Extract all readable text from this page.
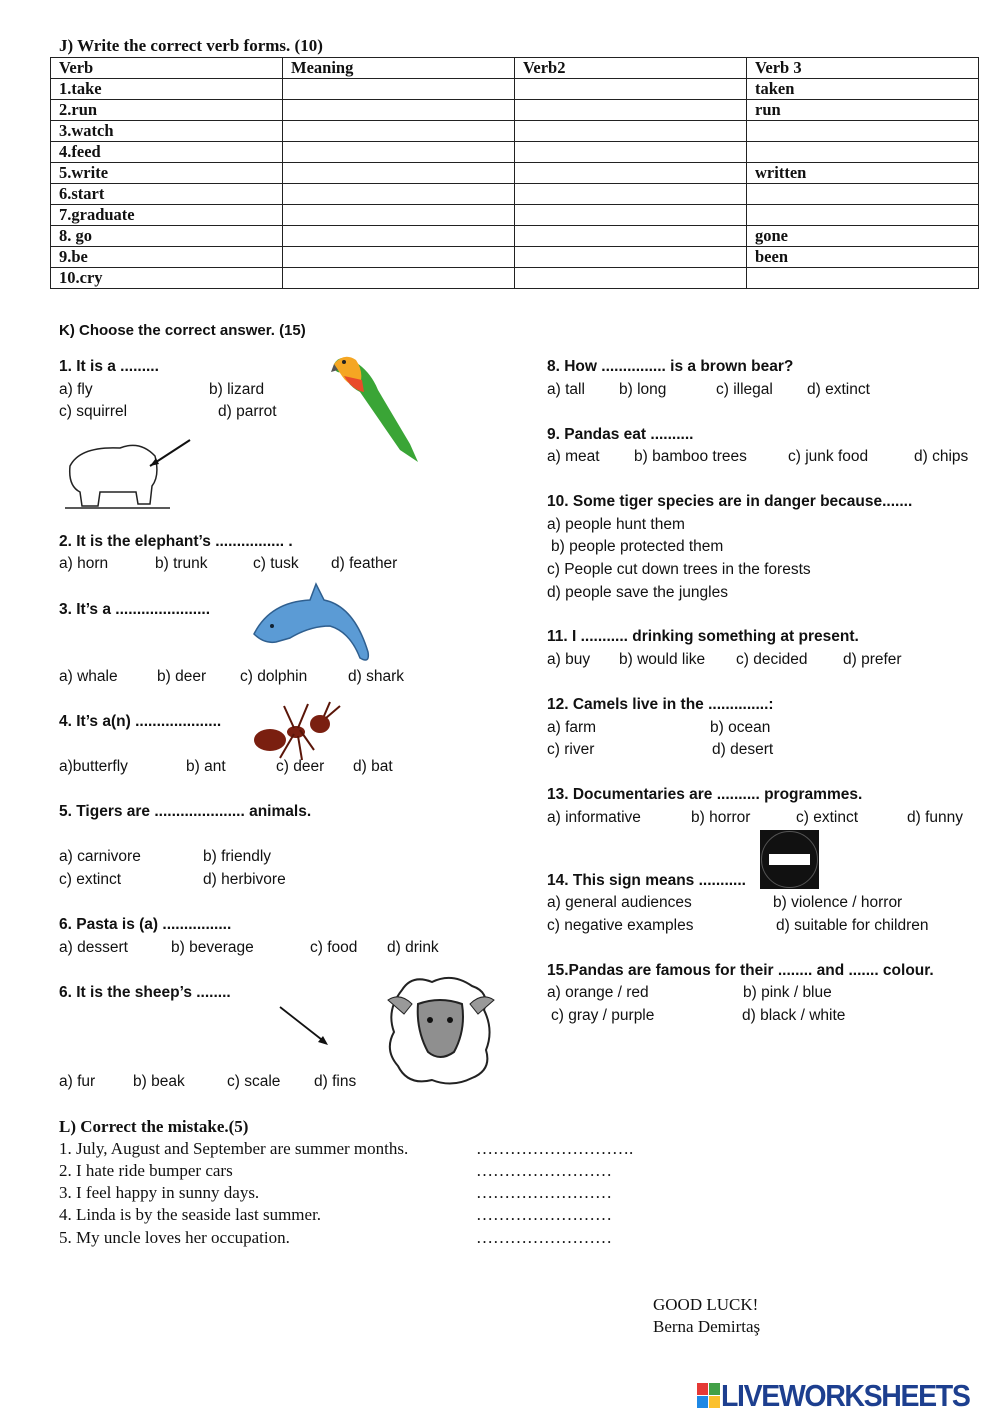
J) Write the correct verb forms. (10)
Verb	Meaning	Verb2	Verb 3
1.take			taken
2.run			run
3.watch			
4.feed			
5.write			written
6.start			
7.graduate			
8. go			gone
9.be			been
10.cry			
K) Choose the correct answer. (15)
1. It is a .........
a) fly	b) lizard
c) squirrel	d) parrot
2. It is the elephant’s ................ .
a) horn	b) trunk	c) tusk d) feather
3. It’s a ......................
a) whale	b) deer c) dolphin	d) shark
4. It’s a(n) ....................
a)butterfly	b) ant	c) deer d) bat
5. Tigers are ..................... animals.
a) carnivore	b) friendly
c) extinct	d) herbivore
6. Pasta is (a) ................
a) dessert	b) beverage	c) food d) drink
6. It is the sheep’s ........
a) fur b) beak	c) scale d) fins
8. How ............... is a brown bear?
a) tall b) long	c) illegal d) extinct
9. Pandas eat ..........
a) meat b) bamboo trees	c) junk food	d) chips
10. Some tiger species are in danger because.......
a) people hunt them
b) people protected them
c) People cut down trees in the forests
d) people save the jungles
11. I ........... drinking something at present.
a) buy b) would like c) decided d) prefer
12. Camels live in the ..............:
a) farm	b) ocean
c) river	d) desert
13. Documentaries are .......... programmes.
a) informative	b) horror	c) extinct	d) funny
14. This sign means ...........
a) general audiences	b) violence / horror
c) negative examples	d) suitable for children
15.Pandas are famous for their ........ and ....... colour.
a) orange / red	b) pink / blue
c) gray / purple	d) black / white
L) Correct the mistake.(5)
1. July, August and September are summer months.
2. I hate ride bumper cars
3. I feel happy in sunny days.
4. Linda is by the seaside last summer.
5. My uncle loves her occupation.
……………………….
……………………
……………………
……………………
……………………
GOOD LUCK!
Berna Demirtaş
LIVEWORKSHEETS
